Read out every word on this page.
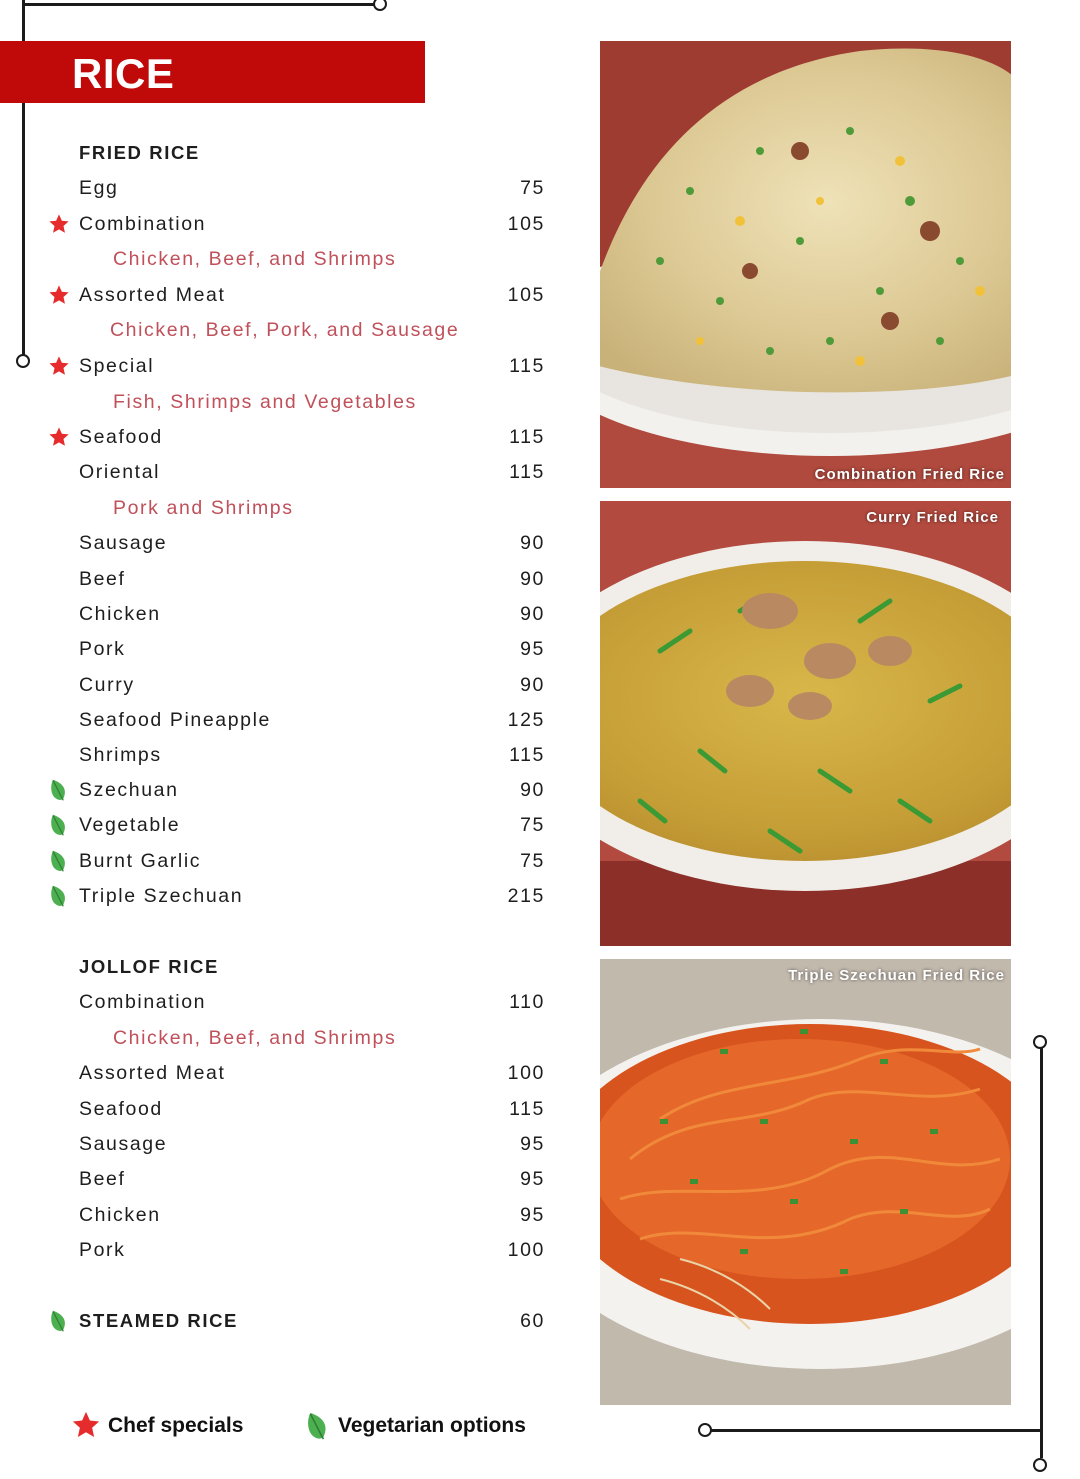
RICE
FRIED RICE
Egg	75
Combination	105
Chicken, Beef, and Shrimps
Assorted Meat	105
Chicken, Beef, Pork, and Sausage
Special	115
Fish, Shrimps and Vegetables
Seafood	115
Oriental	115
Pork and Shrimps
Sausage	90
Beef	90
Chicken	90
Pork	95
Curry	90
Seafood Pineapple	125
Shrimps	115
Szechuan	90
Vegetable	75
Burnt Garlic	75
Triple Szechuan	215
JOLLOF RICE
Combination	110
Chicken, Beef, and Shrimps
Assorted Meat	100
Seafood	115
Sausage	95
Beef	95
Chicken	95
Pork	100
STEAMED RICE	60
Combination Fried Rice
Curry Fried Rice
Triple Szechuan Fried Rice
Chef specials	Vegetarian options
